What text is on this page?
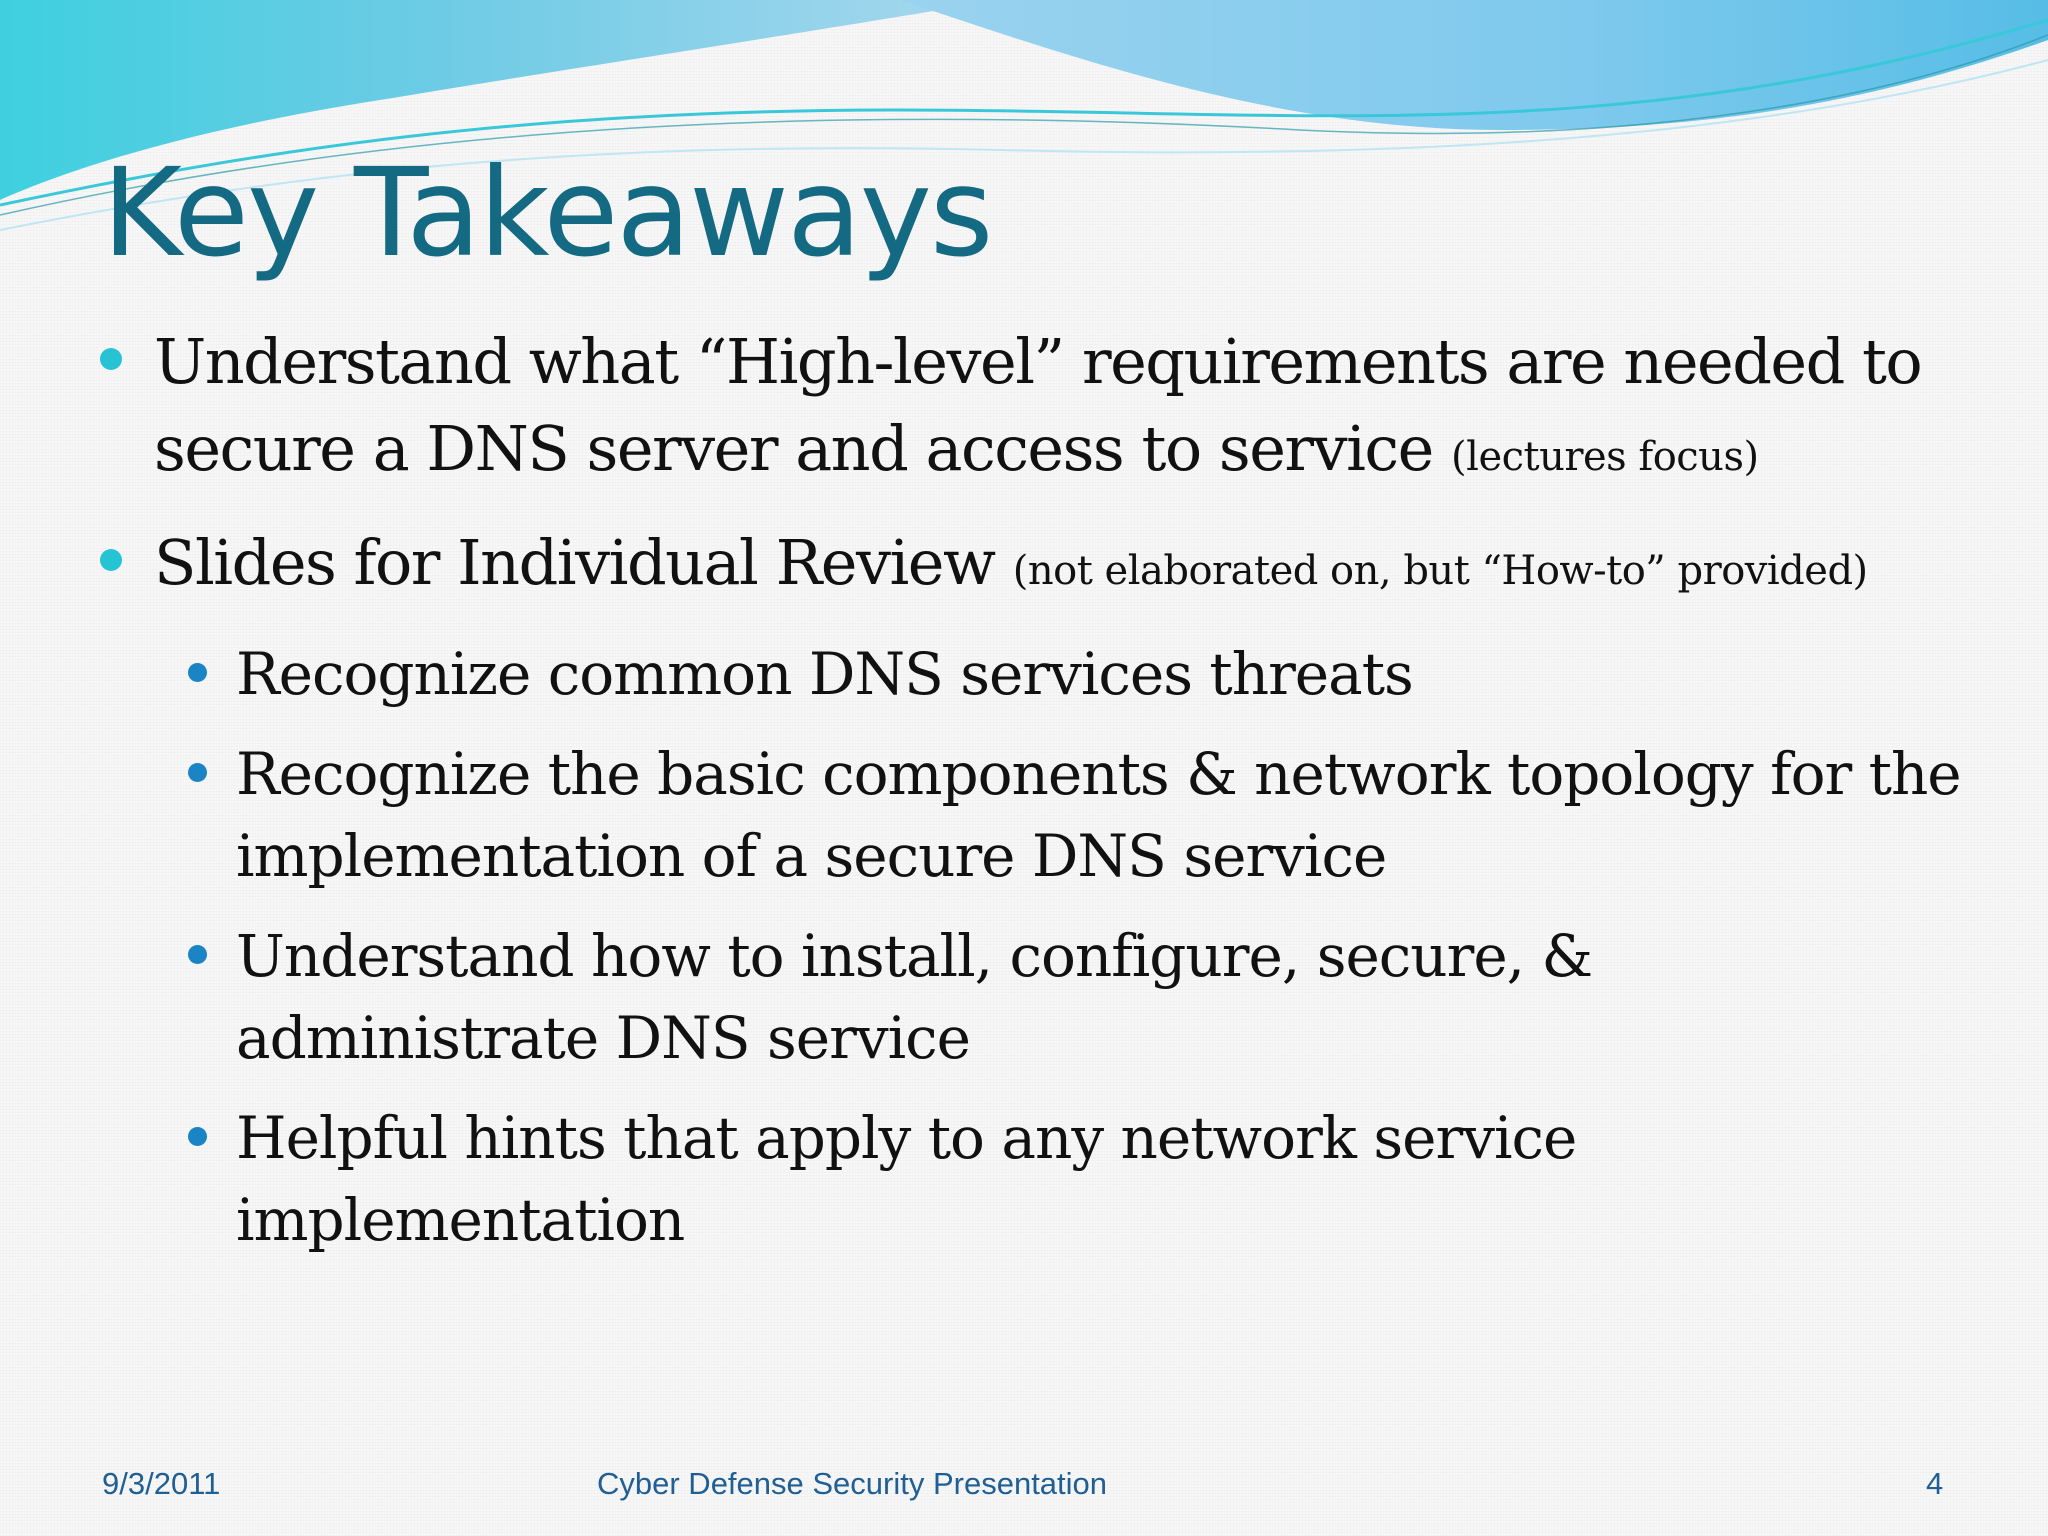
Key Takeaways
Understand what “High-level” requirements are needed to secure a DNS server and access to service (lectures focus)
Slides for Individual Review (not elaborated on, but “How-to” provided)
Recognize common DNS services threats
Recognize the basic components & network topology for the implementation of a secure DNS service
Understand how to install, configure, secure, & administrate DNS service
Helpful hints that apply to any network service implementation
9/3/2011	Cyber Defense Security Presentation	4
